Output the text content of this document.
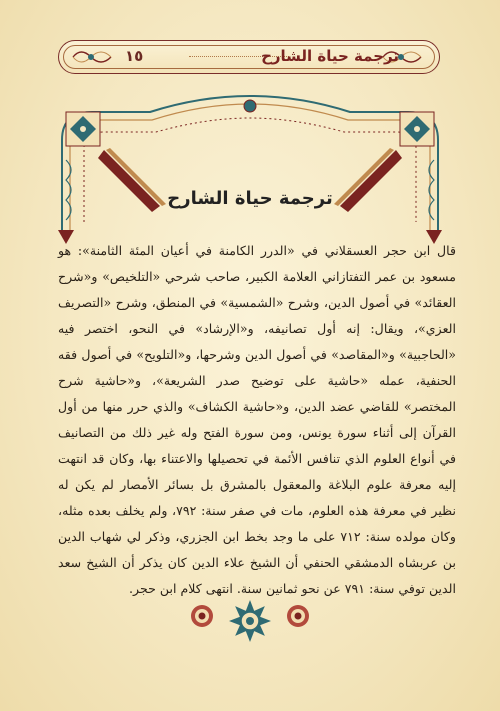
ترجمة حياة الشارح
١٥
ترجمة حياة الشارح

قال ابن حجر العسقلاني في «الدرر الكامنة في أعيان المئة الثامنة»: هو مسعود بن عمر التفتازاني العلامة الكبير، صاحب شرحي «التلخيص» و«شرح العقائد» في أصول الدين، وشرح «الشمسية» في المنطق، وشرح «التصريف العزي»، ويقال: إنه أول تصانيفه، و«الإرشاد» في النحو، اختصر فيه «الحاجبية» و«المقاصد» في أصول الدين وشرحها، و«التلويح» في أصول فقه الحنفية، عمله «حاشية على توضيح صدر الشريعة»، و«حاشية شرح المختصر» للقاضي عضد الدين، و«حاشية الكشاف» والذي حرر منها من أول القرآن إلى أثناء سورة يونس، ومن سورة الفتح وله غير ذلك من التصانيف في أنواع العلوم الذي تنافس الأئمة في تحصيلها والاعتناء بها، وكان قد انتهت إليه معرفة علوم البلاغة والمعقول بالمشرق بل بسائر الأمصار لم يكن له نظير في معرفة هذه العلوم، مات في صفر سنة: ٧٩٢، ولم يخلف بعده مثله، وكان مولده سنة: ٧١٢ على ما وجد بخط ابن الجزري، وذكر لي شهاب الدين بن عربشاه الدمشقي الحنفي أن الشيخ علاء الدين كان يذكر أن الشيخ سعد الدين توفي سنة: ٧٩١ عن نحو ثمانين سنة. انتهى كلام ابن حجر.
